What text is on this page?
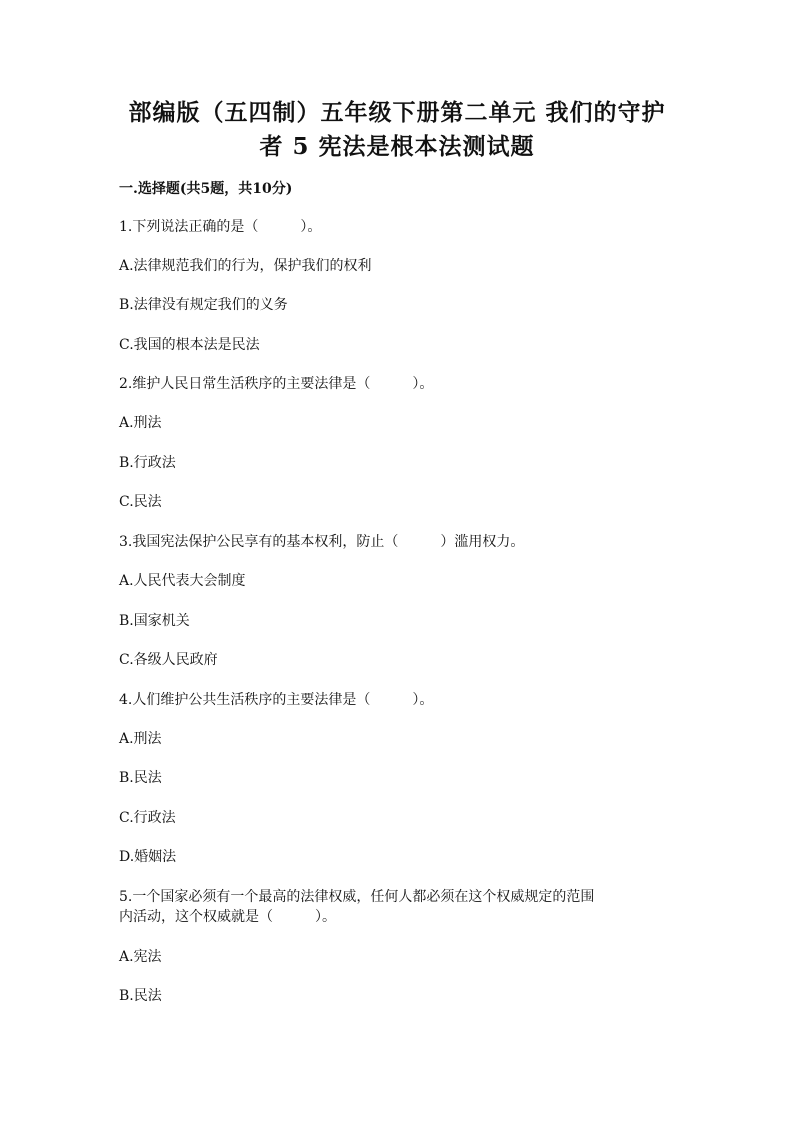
部编版（五四制）五年级下册第二单元 我们的守护
者 5 宪法是根本法测试题
一.选择题(共5题，共10分)
1.下列说法正确的是（　　　）。
A.法律规范我们的行为，保护我们的权利
B.法律没有规定我们的义务
C.我国的根本法是民法
2.维护人民日常生活秩序的主要法律是（　　　）。
A.刑法
B.行政法
C.民法
3.我国宪法保护公民享有的基本权利，防止（　　　）滥用权力。
A.人民代表大会制度
B.国家机关
C.各级人民政府
4.人们维护公共生活秩序的主要法律是（　　　）。
A.刑法
B.民法
C.行政法
D.婚姻法
5.一个国家必须有一个最高的法律权威，任何人都必须在这个权威规定的范围
内活动，这个权威就是（　　　）。
A.宪法
B.民法
